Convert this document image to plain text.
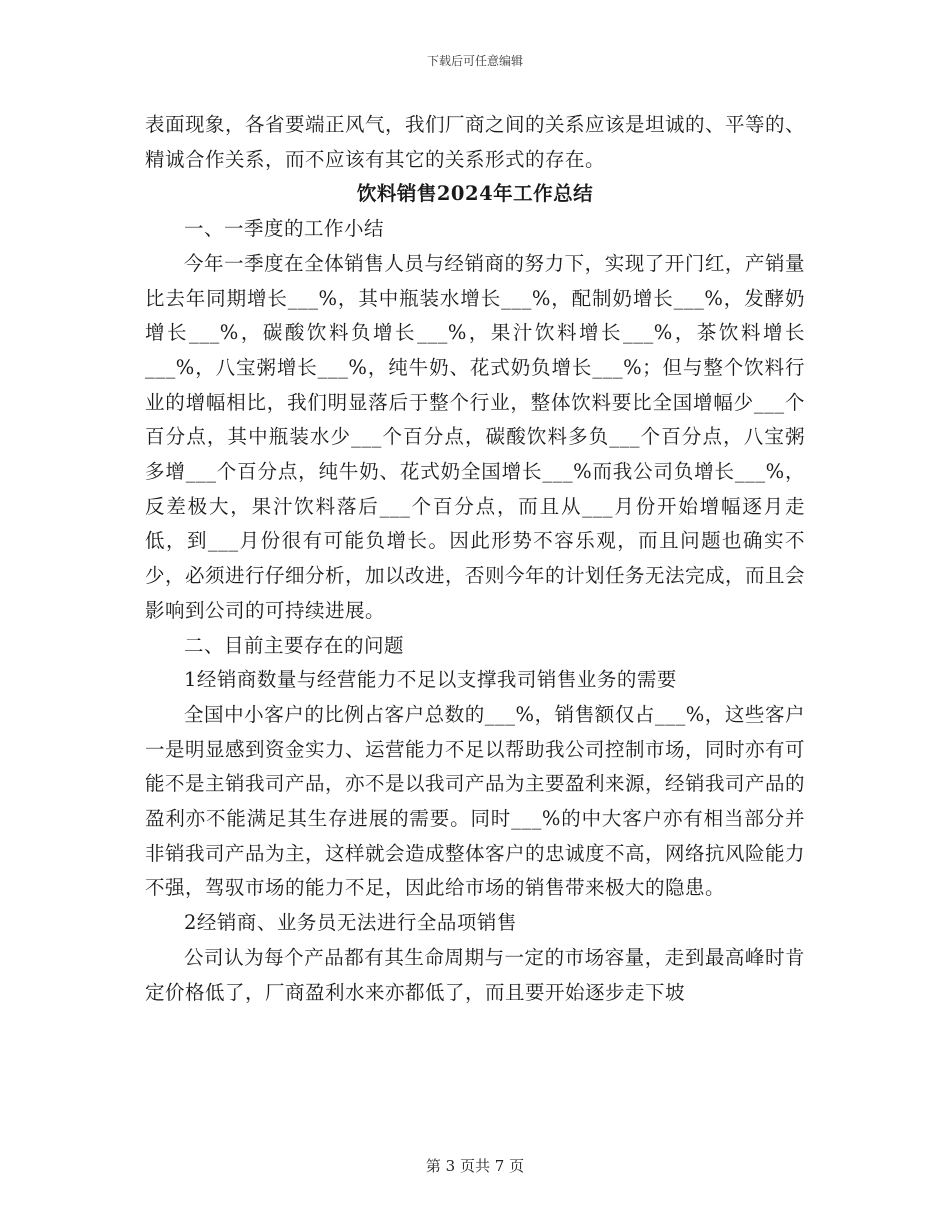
下载后可任意编辑

表面现象，各省要端正风气，我们厂商之间的关系应该是坦诚的、平等的、精诚合作关系，而不应该有其它的关系形式的存在。

饮料销售2024年工作总结

一、一季度的工作小结

今年一季度在全体销售人员与经销商的努力下，实现了开门红，产销量比去年同期增长___%，其中瓶装水增长___%，配制奶增长___%，发酵奶增长___%，碳酸饮料负增长___%，果汁饮料增长___%，茶饮料增长___%，八宝粥增长___%，纯牛奶、花式奶负增长___%；但与整个饮料行业的增幅相比，我们明显落后于整个行业，整体饮料要比全国增幅少___个百分点，其中瓶装水少___个百分点，碳酸饮料多负___个百分点，八宝粥多增___个百分点，纯牛奶、花式奶全国增长___%而我公司负增长___%，反差极大，果汁饮料落后___个百分点，而且从___月份开始增幅逐月走低，到___月份很有可能负增长。因此形势不容乐观，而且问题也确实不少，必须进行仔细分析，加以改进，否则今年的计划任务无法完成，而且会影响到公司的可持续进展。

二、目前主要存在的问题

1经销商数量与经营能力不足以支撑我司销售业务的需要

全国中小客户的比例占客户总数的___%，销售额仅占___%，这些客户一是明显感到资金实力、运营能力不足以帮助我公司控制市场，同时亦有可能不是主销我司产品，亦不是以我司产品为主要盈利来源，经销我司产品的盈利亦不能满足其生存进展的需要。同时___%的中大客户亦有相当部分并非销我司产品为主，这样就会造成整体客户的忠诚度不高，网络抗风险能力不强，驾驭市场的能力不足，因此给市场的销售带来极大的隐患。

2经销商、业务员无法进行全品项销售

公司认为每个产品都有其生命周期与一定的市场容量，走到最高峰时肯定价格低了，厂商盈利水来亦都低了，而且要开始逐步走下坡

第 3 页共 7 页
